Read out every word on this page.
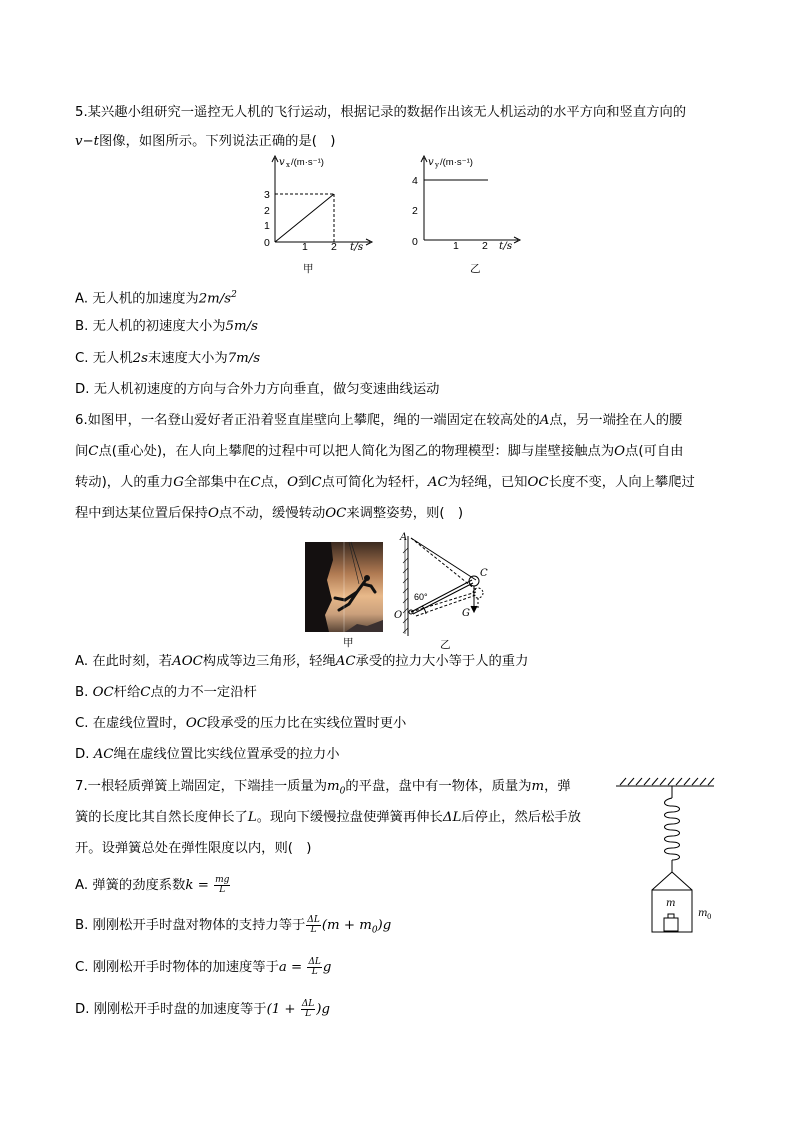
5.某兴趣小组研究一遥控无人机的飞行运动，根据记录的数据作出该无人机运动的水平方向和竖直方向的
v−t图像，如图所示。下列说法正确的是(　)
v x /(m·s⁻¹)
3
2
1
0	1 2 t/s
甲
v y /(m·s⁻¹)
4
2
0	1 2 t/s
乙
A. 无人机的加速度为$2m/s^2$
B. 无人机的初速度大小为5m/s
C. 无人机2s末速度大小为7m/s
D. 无人机初速度的方向与合外力方向垂直，做匀变速曲线运动
6.如图甲，一名登山爱好者正沿着竖直崖壁向上攀爬，绳的一端固定在较高处的A点，另一端拴在人的腰
间C点(重心处)，在人向上攀爬的过程中可以把人简化为图乙的物理模型：脚与崖壁接触点为O点(可自由
转动)，人的重力G全部集中在C点，O到C点可简化为轻杆，AC为轻绳，已知OC长度不变，人向上攀爬过
程中到达某位置后保持O点不动，缓慢转动OC来调整姿势，则(　)
甲
A
C
O	G
60°
乙
A. 在此时刻，若AOC构成等边三角形，轻绳AC承受的拉力大小等于人的重力
B. OC杆给C点的力不一定沿杆
C. 在虚线位置时，OC段承受的压力比在实线位置时更小
D. AC绳在虚线位置比实线位置承受的拉力小
7.一根轻质弹簧上端固定，下端挂一质量为$m_0$的平盘，盘中有一物体，质量为m，弹
簧的长度比其自然长度伸长了L。现向下缓慢拉盘使弹簧再伸长ΔL后停止，然后松手放
开。设弹簧总处在弹性限度以内，则(　)
m
m 0
A. 弹簧的劲度系数$k = \frac{mg}{L}$
B. 刚刚松开手时盘对物体的支持力等于 $\frac{\Delta L}{L} (m + m_0)g$
C. 刚刚松开手时物体的加速度等于$a = \frac{\Delta L}{L}$ g
D. 刚刚松开手时盘的加速度等于$(1 + \frac{\Delta L}{L} )g$
